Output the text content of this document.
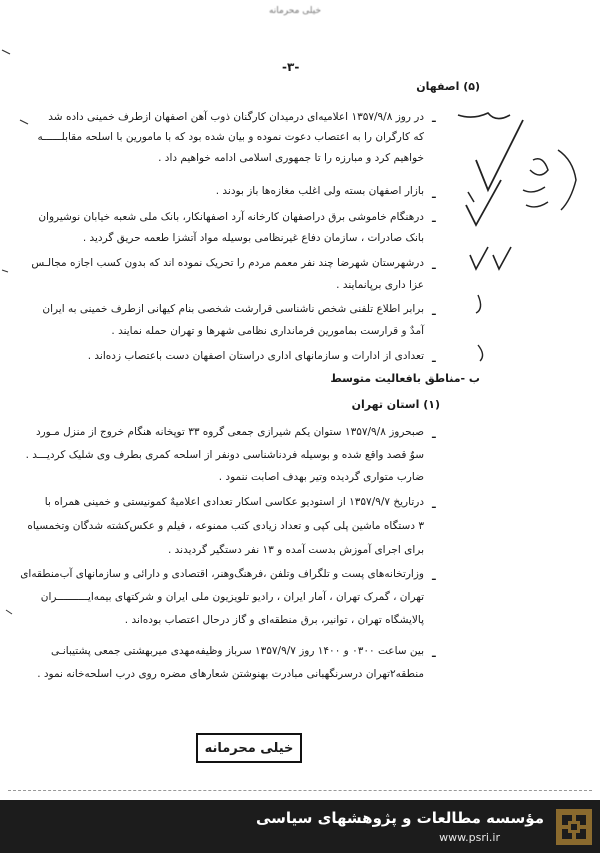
خیلی محرمانه
-٣-
(۵) اصفهان
ـ
در روز ۱۳۵۷/۹/۸ اعلامیه‌ای درمیدان کارگنان ذوب آهن اصفهان ازطرف خمینی داده شد
که کارگران را به اعتصاب دعوت نموده و بیان شده بود که با مامورین با اسلحه مقابلــــــه
خواهیم کرد و مبارزه را تا جمهوری اسلامی ادامه خواهیم داد .
ـ
بازار اصفهان بسته ولی اغلب مغازه‌ها باز بودند .
ـ
درهنگام خاموشی برق دراصفهان کارخانه آرد اصفهانکار، بانک ملی شعبه خیابان نوشیروان
بانک صادرات ، سازمان دفاع غیرنظامی بوسیله مواد آتشزا طعمه حریق گردید .
ـ
درشهرستان شهرضا چند نفر معمم مردم را تحریک نموده اند که بدون کسب اجازه مجالـس
عزا داری برپانمایند .
ـ
برابر اطلاع تلفنی شخص ناشناسی قرارشت شخصی بنام کیهانی ازطرف خمینی به ایران
آمدٌ و قرارست بمامورین فرمانداری نظامی شهرها و تهران حمله نمایند .
ـ
تعدادی از ادارات و سازمانهای اداری دراستان اصفهان دست باعتصاب زده‌اند .
ب -مناطق بافعالیت متوسط
(۱) استان تهران
ـ
صبحروز ۱۳۵۷/۹/۸ ستوان یکم شیرازی جمعی گروه ۳۳ توپخانه هنگام خروج از منزل مـورد
سوٌ قصد واقع شده و بوسیله فردناشناسی دونفر از اسلحه کمری بطرف وی شلیک کردیـــد .
ضارب متواری گردیده وتیر بهدف اصابت ننمود .
ـ
درتاریخ ۱۳۵۷/۹/۷ از استودیو عکاسی اسکار تعدادی اعلامیهٌ کمونیستی و خمینی همراه با
۳ دستگاه ماشین پلی کپی و تعداد زیادی کتب ممنوعه ، فیلم و عکس‌کشته شدگان وتخمسیاه
برای اجرای آموزش بدست آمده و ۱۳ نفر دستگیر گردیدند .
ـ
وزارتخانه‌های پست و تلگراف وتلفن ،فرهنگ‌وهنر، اقتصادی و دارائی و سازمانهای آب‌منطقه‌ای
تهران ، گمرک تهران ، آمار ایران ، رادیو تلویزیون ملی ایران و شرکتهای بیمه‌ایــــــــــران
پالایشگاه تهران ، توانیر، برق منطقه‌ای و گاز درحال اعتصاب بوده‌اند .
ـ
بین ساعت ۰۳۰۰ و ۱۴۰۰ روز ۱۳۵۷/۹/۷ سرباز وظیفه‌مهدی میربهشتی جمعی پشتیبانـی
منطقه۲تهران درسرنگهبانی مبادرت بهنوشتن شعارهای مضره روی درب اسلحه‌خانه نمود .
خیلی محرمانه
مؤسسه مطالعات و پژوهشهای سیاسی
www.psri.ir
